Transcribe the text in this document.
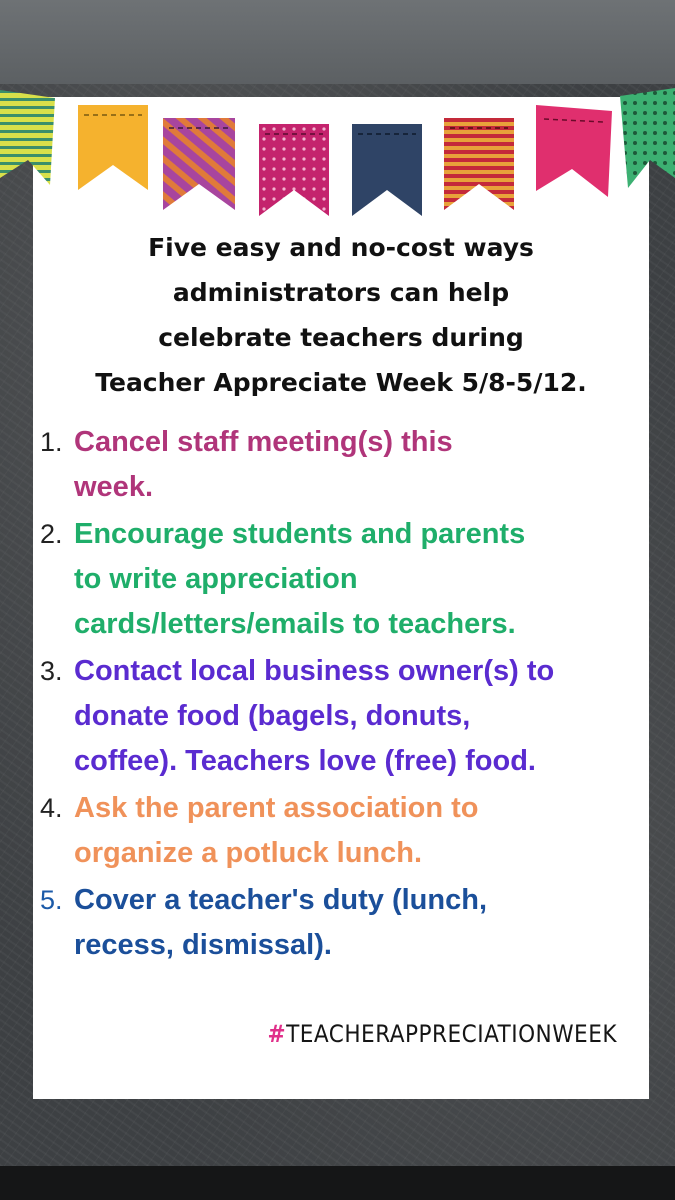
Five easy and no-cost ways
administrators can help
celebrate teachers during
Teacher Appreciate Week 5/8-5/12.
1. Cancel staff meeting(s) this
week.
2. Encourage students and parents
to write appreciation
cards/letters/emails to teachers.
3. Contact local business owner(s) to
donate food (bagels, donuts,
coffee). Teachers love (free) food.
4. Ask the parent association to
organize a potluck lunch.
5. Cover a teacher's duty (lunch,
recess, dismissal).
#TEACHERAPPRECIATIONWEEK
